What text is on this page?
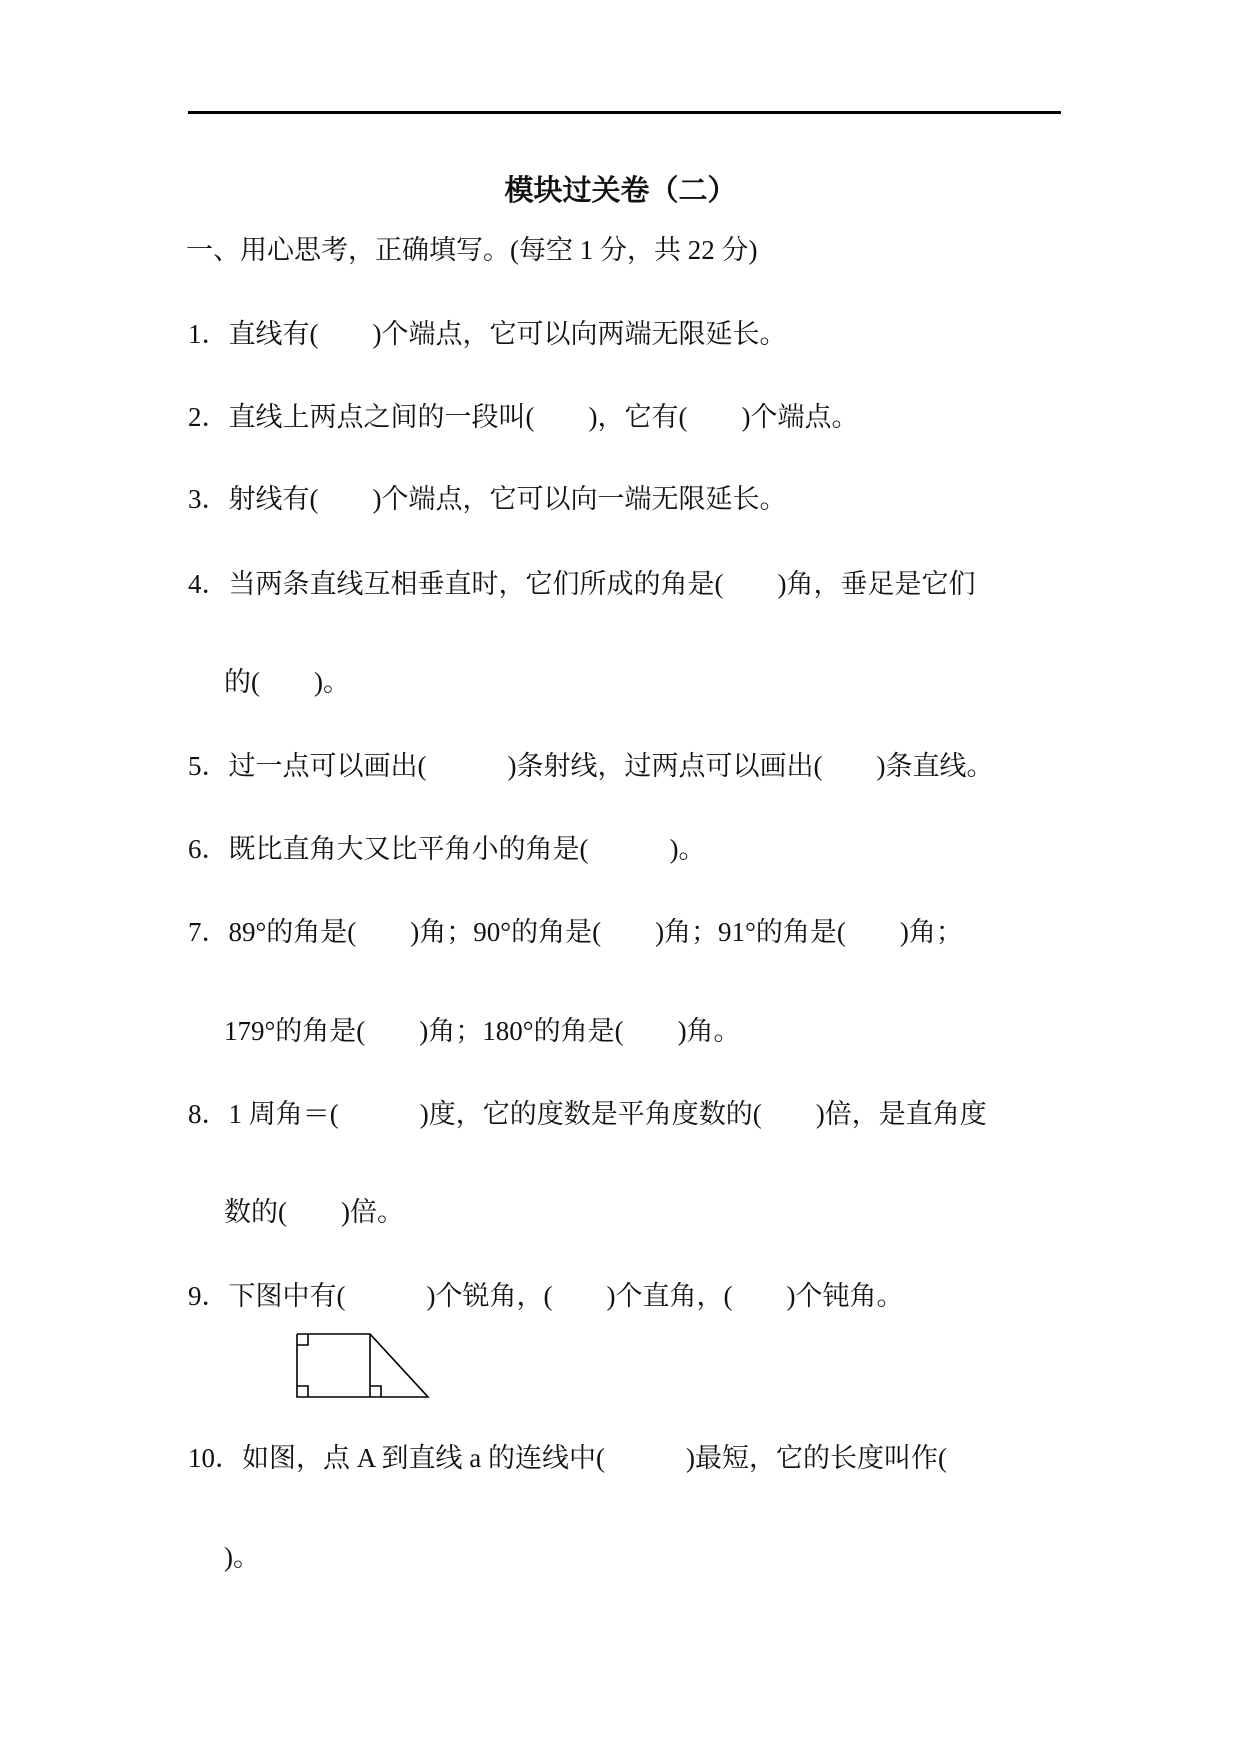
模块过关卷（二）
一、用心思考，正确填写。(每空 1 分，共 22 分)
1．直线有(　　)个端点，它可以向两端无限延长。
2．直线上两点之间的一段叫(　　)，它有(　　)个端点。
3．射线有(　　)个端点，它可以向一端无限延长。
4．当两条直线互相垂直时，它们所成的角是(　　)角，垂足是它们
的(　　)。
5．过一点可以画出(　　　)条射线，过两点可以画出(　　)条直线。
6．既比直角大又比平角小的角是(　　　)。
7．89°的角是(　　)角；90°的角是(　　)角；91°的角是(　　)角；
179°的角是(　　)角；180°的角是(　　)角。
8．1 周角＝(　　　)度，它的度数是平角度数的(　　)倍，是直角度
数的(　　)倍。
9．下图中有(　　　)个锐角，(　　)个直角，(　　)个钝角。
10．如图，点 A 到直线 a 的连线中(　　　)最短，它的长度叫作(
)。
